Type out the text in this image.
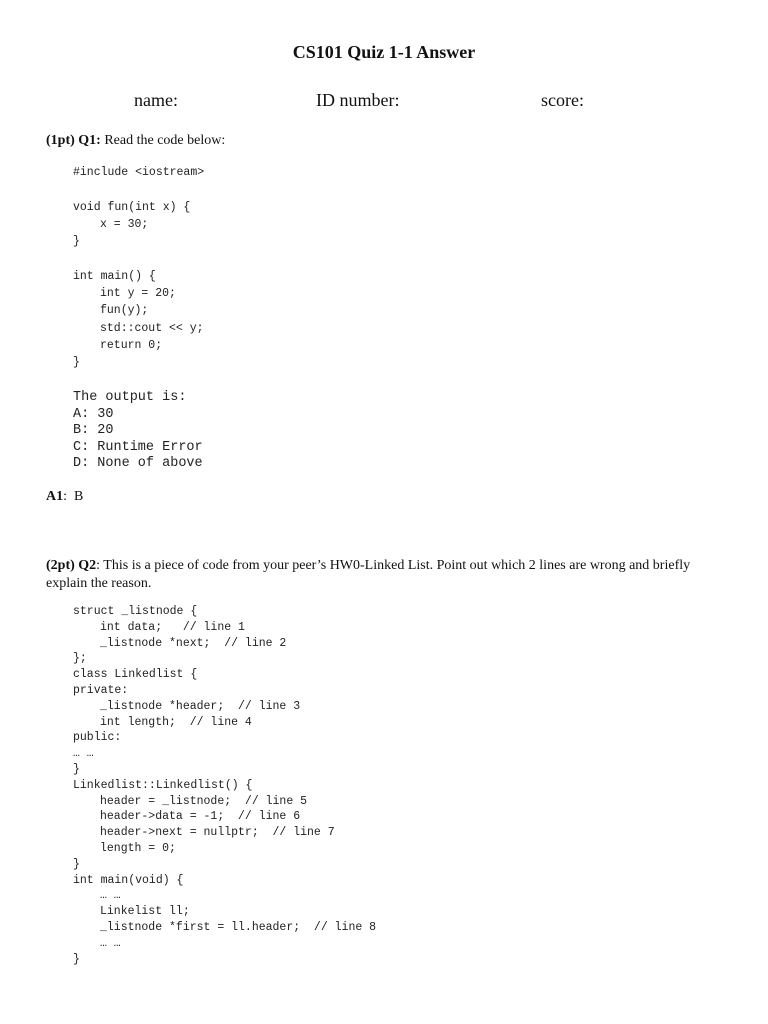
CS101 Quiz 1-1 Answer
name:	ID number:	score:
(1pt) Q1: Read the code below:
#include <iostream>

void fun(int x) {
x = 30;
}

int main() {
int y = 20;
fun(y);
std::cout << y;
return 0;
}
The output is:
A: 30
B: 20
C: Runtime Error
D: None of above
A1: B
(2pt) Q2: This is a piece of code from your peer’s HW0-Linked List. Point out which 2 lines are wrong and briefly explain the reason.
struct _listnode {
int data;   // line 1
_listnode *next;  // line 2
};
class Linkedlist {
private:
_listnode *header;  // line 3
int length;  // line 4
public:
… …
}
Linkedlist::Linkedlist() {
header = _listnode;  // line 5
header->data = -1;  // line 6
header->next = nullptr;  // line 7
length = 0;
}
int main(void) {
… …
Linkelist ll;
_listnode *first = ll.header;  // line 8
… …
}
